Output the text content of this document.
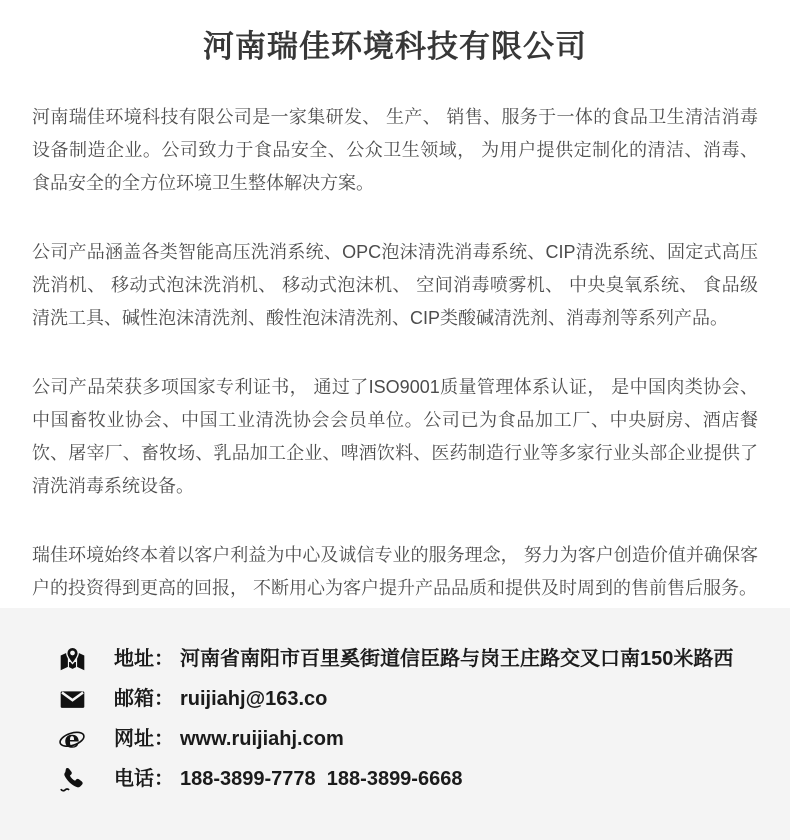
河南瑞佳环境科技有限公司

河南瑞佳环境科技有限公司是一家集研发、 生产、 销售、服务于一体的食品卫生清洁消毒设备制造企业。公司致力于食品安全、公众卫生领域， 为用户提供定制化的清洁、消毒、 食品安全的全方位环境卫生整体解决方案。

公司产品涵盖各类智能高压洗消系统、OPC泡沫清洗消毒系统、CIP清洗系统、固定式高压洗消机、 移动式泡沫洗消机、 移动式泡沫机、 空间消毒喷雾机、 中央臭氧系统、 食品级清洗工具、碱性泡沫清洗剂、酸性泡沫清洗剂、CIP类酸碱清洗剂、消毒剂等系列产品。

公司产品荣获多项国家专利证书， 通过了ISO9001质量管理体系认证， 是中国肉类协会、中国畜牧业协会、中国工业清洗协会会员单位。公司已为食品加工厂、中央厨房、酒店餐饮、屠宰厂、畜牧场、乳品加工企业、啤酒饮料、医药制造行业等多家行业头部企业提供了清洗消毒系统设备。

瑞佳环境始终本着以客户利益为中心及诚信专业的服务理念， 努力为客户创造价值并确保客户的投资得到更高的回报， 不断用心为客户提升产品品质和提供及时周到的售前售后服务。

地址： 河南省南阳市百里奚街道信臣路与岗王庄路交叉口南150米路西
邮箱： ruijiahj@163.co
e 网址： www.ruijiahj.com
电话： 188-3899-7778  188-3899-6668
